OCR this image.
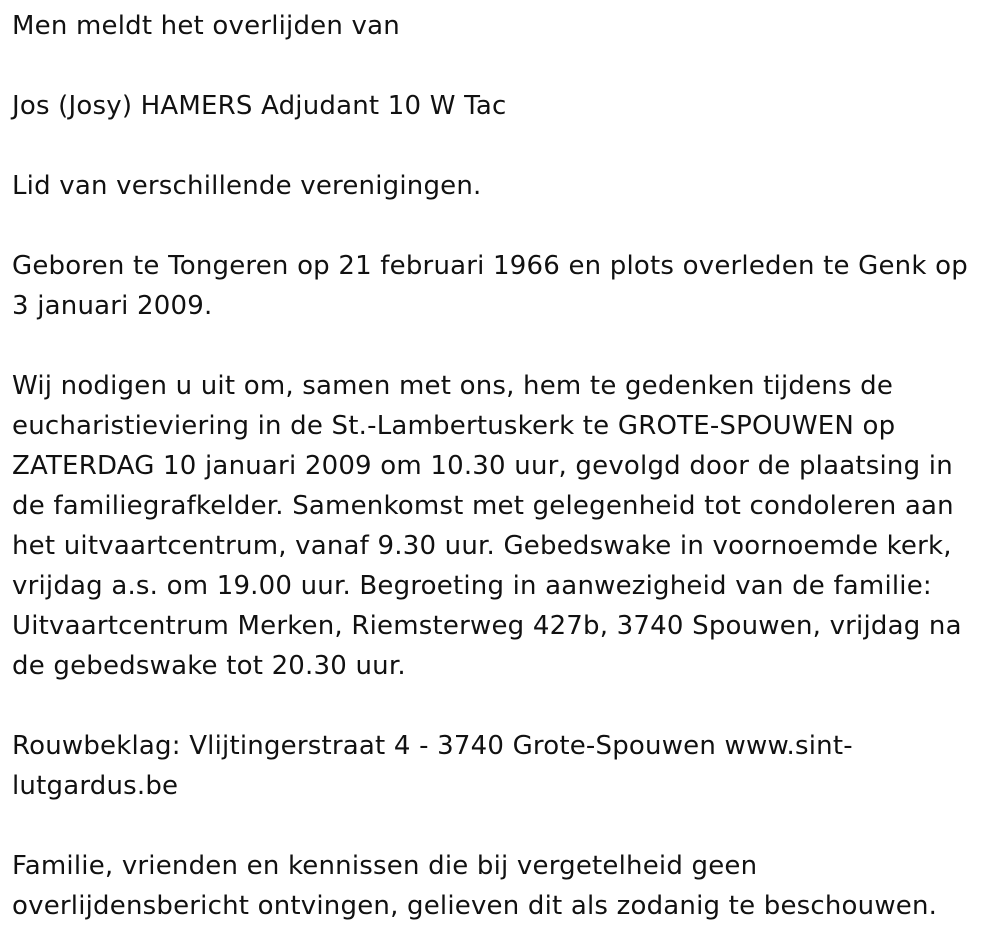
Men meldt het overlijden van

Jos (Josy) HAMERS Adjudant 10 W Tac

Lid van verschillende verenigingen.

Geboren te Tongeren op 21 februari 1966 en plots overleden te Genk op 3 januari 2009.

Wij nodigen u uit om, samen met ons, hem te gedenken tijdens de eucharistieviering in de St.-Lambertuskerk te GROTE-SPOUWEN op ZATERDAG 10 januari 2009 om 10.30 uur, gevolgd door de plaatsing in de familiegrafkelder. Samenkomst met gelegenheid tot condoleren aan het uitvaartcentrum, vanaf 9.30 uur. Gebedswake in voornoemde kerk, vrijdag a.s. om 19.00 uur. Begroeting in aanwezigheid van de familie: Uitvaartcentrum Merken, Riemsterweg 427b, 3740 Spouwen, vrijdag na de gebedswake tot 20.30 uur.

Rouwbeklag: Vlijtingerstraat 4 - 3740 Grote-Spouwen www.sint-lutgardus.be

Familie, vrienden en kennissen die bij vergetelheid geen overlijdensbericht ontvingen, gelieven dit als zodanig te beschouwen.
